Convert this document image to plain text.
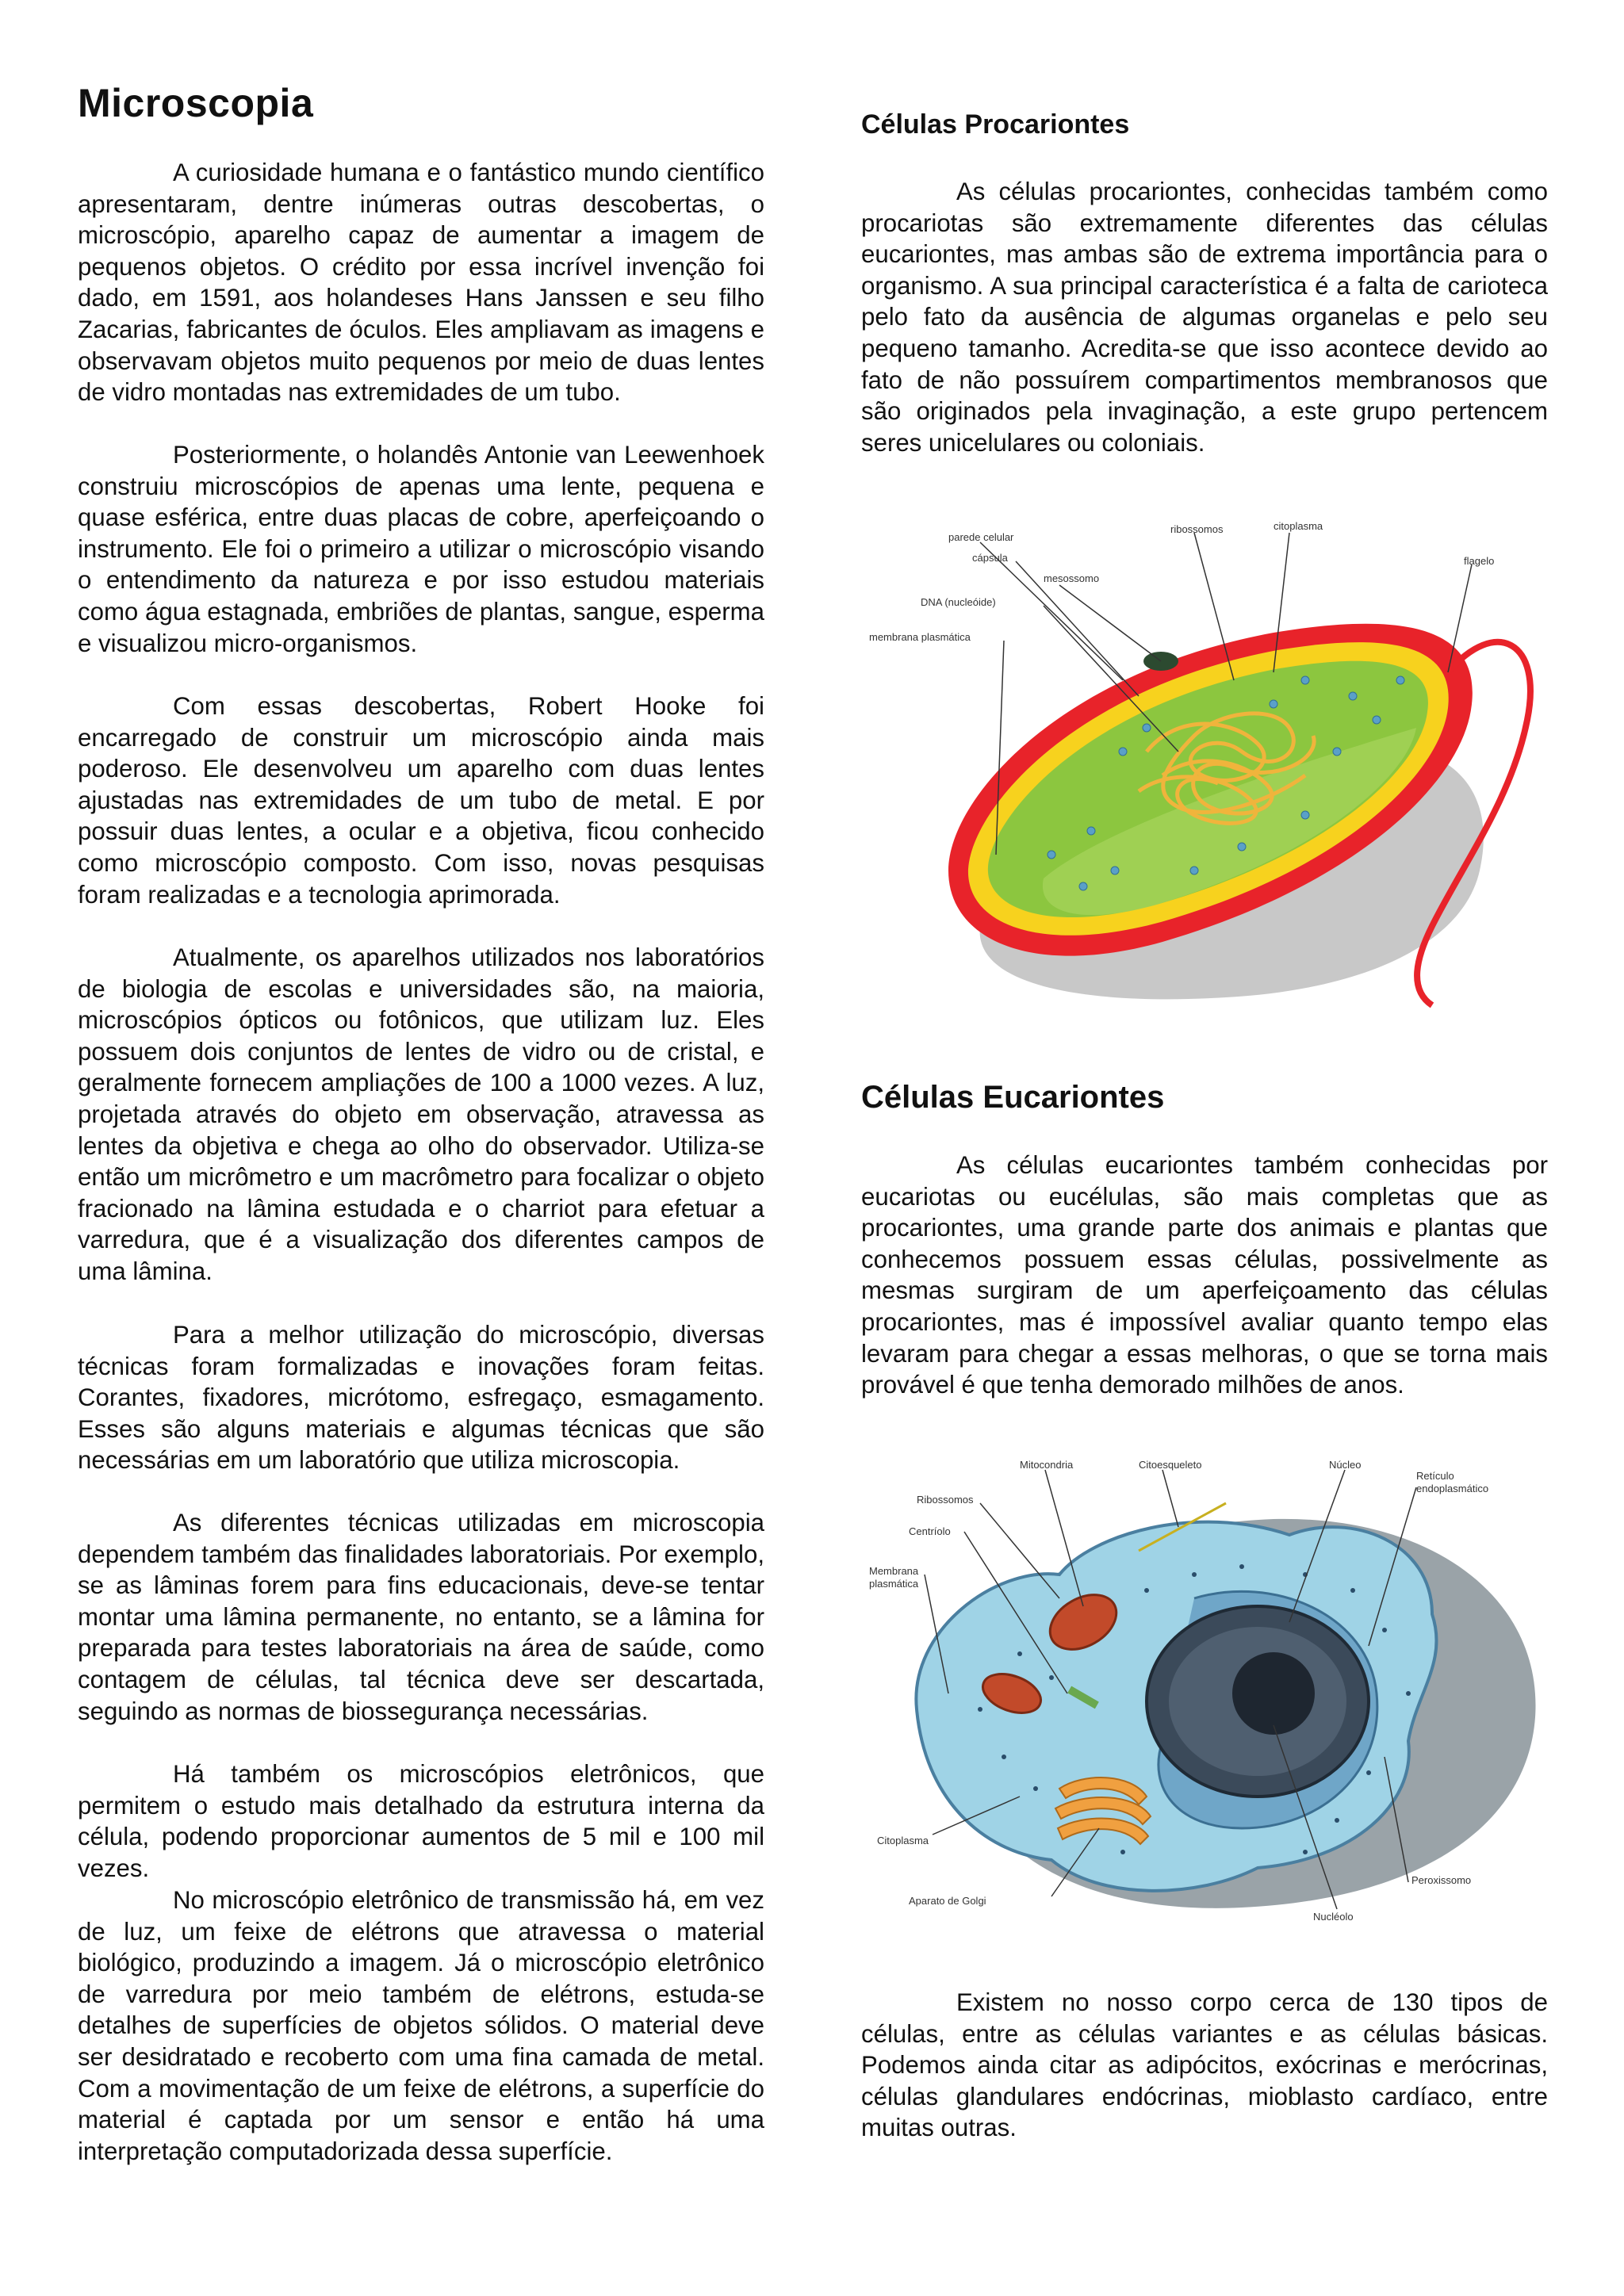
Microscopia

A curiosidade humana e o fantástico mundo científico apresentaram, dentre inúmeras outras descobertas, o microscópio, aparelho capaz de aumentar a imagem de pequenos objetos. O crédito por essa incrível invenção foi dado, em 1591, aos holandeses Hans Janssen e seu filho Zacarias, fabricantes de óculos. Eles ampliavam as imagens e observavam objetos muito pequenos por meio de duas lentes de vidro montadas nas extremidades de um tubo.

Posteriormente, o holandês Antonie van Leewenhoek construiu microscópios de apenas uma lente, pequena e quase esférica, entre duas placas de cobre, aperfeiçoando o instrumento. Ele foi o primeiro a utilizar o microscópio visando o entendimento da natureza e por isso estudou materiais como água estagnada, embriões de plantas, sangue, esperma e visualizou micro-organismos.

Com essas descobertas, Robert Hooke foi encarregado de construir um microscópio ainda mais poderoso. Ele desenvolveu um aparelho com duas lentes ajustadas nas extremidades de um tubo de metal. E por possuir duas lentes, a ocular e a objetiva, ficou conhecido como microscópio composto. Com isso, novas pesquisas foram realizadas e a tecnologia aprimorada.

Atualmente, os aparelhos utilizados nos laboratórios de biologia de escolas e universidades são, na maioria, microscópios ópticos ou fotônicos, que utilizam luz. Eles possuem dois conjuntos de lentes de vidro ou de cristal, e geralmente fornecem ampliações de 100 a 1000 vezes. A luz, projetada através do objeto em observação, atravessa as lentes da objetiva e chega ao olho do observador. Utiliza-se então um micrômetro e um macrômetro para focalizar o objeto fracionado na lâmina estudada e o charriot para efetuar a varredura, que é a visualização dos diferentes campos de uma lâmina.

Para a melhor utilização do microscópio, diversas técnicas foram formalizadas e inovações foram feitas. Corantes, fixadores, micrótomo, esfregaço, esmagamento. Esses são alguns materiais e algumas técnicas que são necessárias em um laboratório que utiliza microscopia.

As diferentes técnicas utilizadas em microscopia dependem também das finalidades laboratoriais. Por exemplo, se as lâminas forem para fins educacionais, deve-se tentar montar uma lâmina permanente, no entanto, se a lâmina for preparada para testes laboratoriais na área de saúde, como contagem de células, tal técnica deve ser descartada, seguindo as normas de biossegurança necessárias.

Há também os microscópios eletrônicos, que permitem o estudo mais detalhado da estrutura interna da célula, podendo proporcionar aumentos de 5 mil e 100 mil vezes.

No microscópio eletrônico de transmissão há, em vez de luz, um feixe de elétrons que atravessa o material biológico, produzindo a imagem. Já o microscópio eletrônico de varredura por meio também de elétrons, estuda-se detalhes de superfícies de objetos sólidos. O material deve ser desidratado e recoberto com uma fina camada de metal. Com a movimentação de um feixe de elétrons, a superfície do material é captada por um sensor e então há uma interpretação computadorizada dessa superfície.

Células Procariontes

As células procariontes, conhecidas também como procariotas são extremamente diferentes das células eucariontes, mas ambas são de extrema importância para o organismo. A sua principal característica é a falta de carioteca pelo fato da ausência de algumas organelas e pelo seu pequeno tamanho. Acredita-se que isso acontece devido ao fato de não possuírem compartimentos membranosos que são originados pela invaginação, a este grupo pertencem seres unicelulares ou coloniais.

parede celular
ribossomos	citoplasma
cápsula
mesossomo
flagelo
DNA (nucleóide)
membrana plasmática
Células Eucariontes

As células eucariontes também conhecidas por eucariotas ou eucélulas, são mais completas que as procariontes, uma grande parte dos animais e plantas que conhecemos possuem essas células, possivelmente as mesmas surgiram de um aperfeiçoamento das células procariontes, mas é impossível avaliar quanto tempo elas levaram para chegar a essas melhoras, o que se torna mais provável é que tenha demorado milhões de anos.

Mitocondria	Citoesqueleto	Núcleo
Retículo
endoplasmático
Ribossomos
Centríolo
Membrana
plasmática
Citoplasma
Aparato de Golgi
Peroxissomo
Nucléolo

Existem no nosso corpo cerca de 130 tipos de células, entre as células variantes e as células básicas. Podemos ainda citar as adipócitos, exócrinas e merócrinas, células glandulares endócrinas, mioblasto cardíaco, entre muitas outras.
